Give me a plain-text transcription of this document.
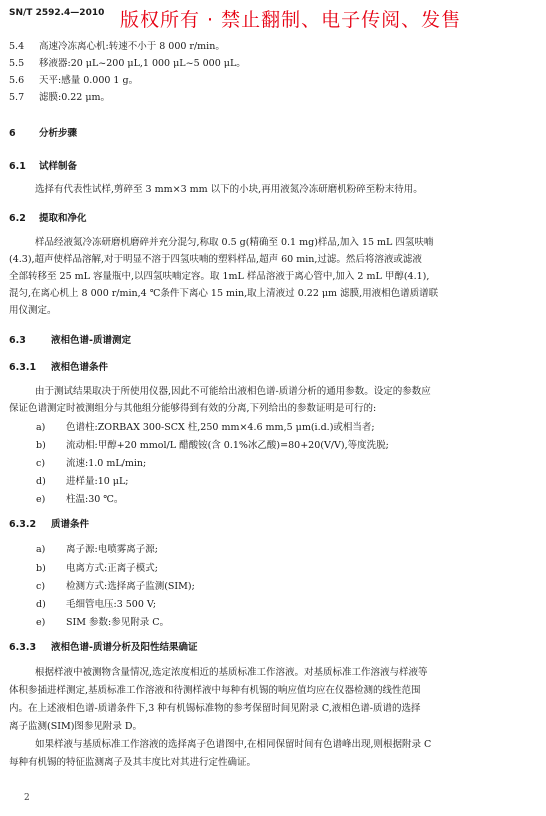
SN/T 2592.4—2010 版权所有 · 禁止翻制、电子传阅、发售
5.4 高速冷冻离心机:转速不小于 8 000 r/min。
5.5 移液器:20 μL~200 μL,1 000 μL~5 000 μL。
5.6 天平:感量 0.000 1 g。
5.7 滤膜:0.22 μm。
6 分析步骤
6.1 试样制备
选择有代表性试样,剪碎至 3 mm×3 mm 以下的小块,再用液氮冷冻研磨机粉碎至粉末待用。
6.2 提取和净化
样品经液氮冷冻研磨机磨碎并充分混匀,称取 0.5 g(精确至 0.1 mg)样品,加入 15 mL 四氢呋喃
(4.3),超声使样品溶解,对于明显不溶于四氢呋喃的塑料样品,超声 60 min,过滤。然后将溶液或滤液
全部转移至 25 mL 容量瓶中,以四氢呋喃定容。取 1mL 样品溶液于离心管中,加入 2 mL 甲醇(4.1),
混匀,在离心机上 8 000 r/min,4 ℃条件下离心 15 min,取上清液过 0.22 μm 滤膜,用液相色谱质谱联
用仪测定。
6.3	液相色谱-质谱测定
6.3.1 液相色谱条件
由于测试结果取决于所使用仪器,因此不可能给出液相色谱-质谱分析的通用参数。设定的参数应
保证色谱测定时被测组分与其他组分能够得到有效的分离,下列给出的参数证明是可行的:
a) 色谱柱:ZORBAX 300-SCX 柱,250 mm×4.6 mm,5 μm(i.d.)或相当者;
b) 流动相:甲醇+20 mmol/L 醋酸铵(含 0.1%冰乙酸)=80+20(V/V),等度洗脱;
c) 流速:1.0 mL/min;
d) 进样量:10 μL;
e) 柱温:30 ℃。
6.3.2 质谱条件
a) 离子源:电喷雾离子源;
b) 电离方式:正离子模式;
c) 检测方式:选择离子监测(SIM);
d) 毛细管电压:3 500 V;
e) SIM 参数:参见附录 C。
6.3.3 液相色谱-质谱分析及阳性结果确证
根据样液中被测物含量情况,选定浓度相近的基质标准工作溶液。对基质标准工作溶液与样液等
体积参插进样测定,基质标准工作溶液和待测样液中每种有机锡的响应值均应在仪器检测的线性范围
内。在上述液相色谱-质谱条件下,3 种有机锡标准物的参考保留时间见附录 C,液相色谱-质谱的选择
离子监测(SIM)图参见附录 D。
如果样液与基质标准工作溶液的选择离子色谱图中,在相同保留时间有色谱峰出现,则根据附录 C
每种有机锡的特征监测离子及其丰度比对其进行定性确证。
2
